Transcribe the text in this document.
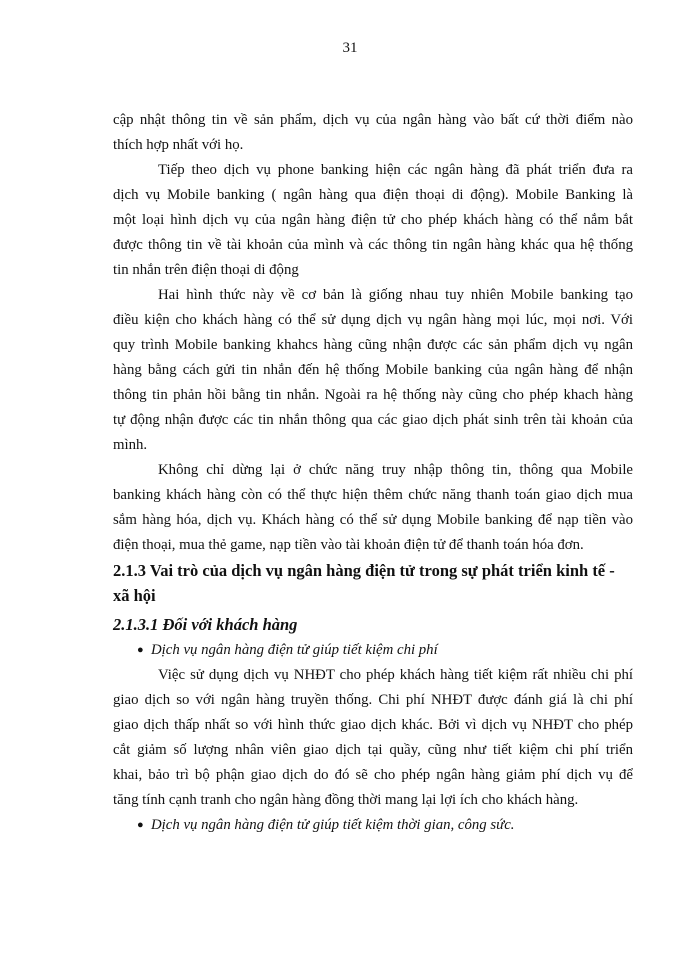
31
cập nhật thông tin về sản phẩm, dịch vụ của ngân hàng vào bất cứ thời điểm nào
thích hợp nhất với họ.
Tiếp theo dịch vụ phone banking hiện các ngân hàng đã phát triển đưa ra
dịch vụ Mobile banking ( ngân hàng qua điện thoại di động). Mobile Banking là
một loại hình dịch vụ của ngân hàng điện tử cho phép khách hàng có thể nắm bắt
được thông tin về tài khoản của mình và các thông tin ngân hàng khác qua hệ thống
tin nhắn trên điện thoại di động
Hai hình thức này về cơ bản là giống nhau tuy nhiên Mobile banking tạo
điều kiện cho khách hàng có thể sử dụng dịch vụ ngân hàng mọi lúc, mọi nơi. Với
quy trình Mobile banking khahcs hàng cũng nhận được các sản phẩm dịch vụ ngân
hàng bằng cách gửi tin nhắn đến hệ thống Mobile banking của ngân hàng để nhận
thông tin phản hồi bằng tin nhắn. Ngoài ra hệ thống này cũng cho phép khach hàng
tự động nhận được các tin nhắn thông qua các giao dịch phát sinh trên tài khoản của
mình.
Không chỉ dừng lại ở chức năng truy nhập thông tin, thông qua Mobile
banking khách hàng còn có thể thực hiện thêm chức năng thanh toán giao dịch mua
sắm hàng hóa, dịch vụ. Khách hàng có thể sử dụng Mobile banking để nạp tiền vào
điện thoại, mua thẻ game, nạp tiền vào tài khoản điện tử để thanh toán hóa đơn.
2.1.3 Vai trò của dịch vụ ngân hàng điện tử trong sự phát triển kinh tế -
xã hội
2.1.3.1 Đối với khách hàng
● Dịch vụ ngân hàng điện tử giúp tiết kiệm chi phí
Việc sử dụng dịch vụ NHĐT cho phép khách hàng tiết kiệm rất nhiều chi phí
giao dịch so với ngân hàng truyền thống. Chi phí NHĐT được đánh giá là chi phí
giao dịch thấp nhất so với hình thức giao dịch khác. Bởi vì dịch vụ NHĐT cho phép
cắt giảm số lượng nhân viên giao dịch tại quầy, cũng như tiết kiệm chi phí triển
khai, bảo trì bộ phận giao dịch do đó sẽ cho phép ngân hàng giảm phí dịch vụ để
tăng tính cạnh tranh cho ngân hàng đồng thời mang lại lợi ích cho khách hàng.
● Dịch vụ ngân hàng điện tử giúp tiết kiệm thời gian, công sức.
